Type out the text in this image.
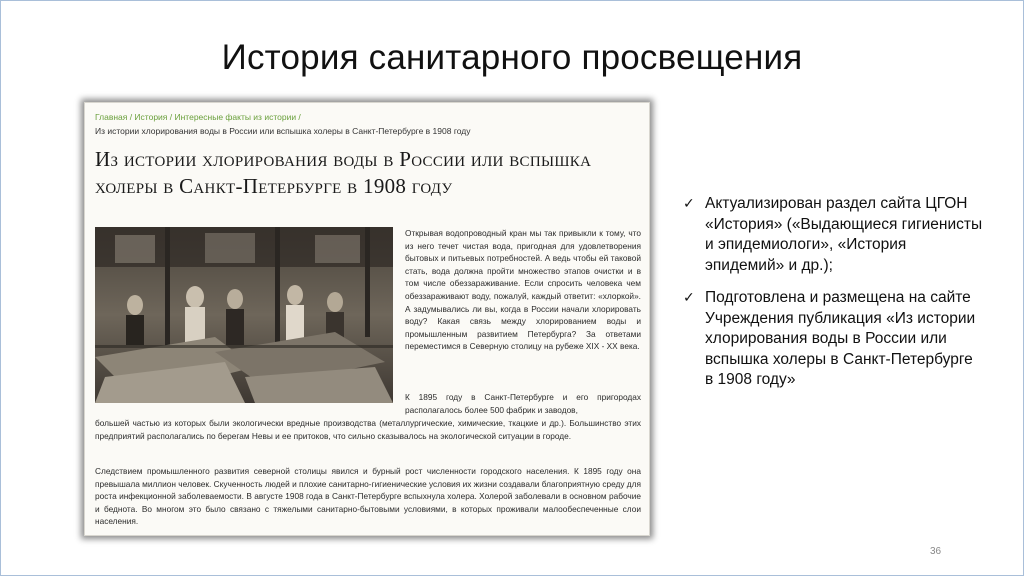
История санитарного просвещения
Главная / История / Интересные факты из истории /
Из истории хлорирования воды в России или вспышка холеры в Санкт-Петербурге в 1908 году
Из истории хлорирования воды в России или вспышка холеры в Санкт-Петербурге в 1908 году
Открывая водопроводный кран мы так привыкли к тому, что из него течет чистая вода, пригодная для удовлетворения бытовых и питьевых потребностей. А ведь чтобы ей таковой стать, вода должна пройти множество этапов очистки и в том числе обеззараживание. Если спросить человека чем обеззараживают воду, пожалуй, каждый ответит: «хлоркой». А задумывались ли вы, когда в России начали хлорировать воду? Какая связь между хлорированием воды и промышленным развитием Петербурга? За ответами переместимся в Северную столицу на рубеже XIX - XX века.
К 1895 году в Санкт-Петербурге и его пригородах располагалось более 500 фабрик и заводов,
большей частью из которых были экологически вредные производства (металлургические, химические, ткацкие и др.). Большинство этих предприятий располагались по берегам Невы и ее притоков, что сильно сказывалось на экологической ситуации в городе.
Следствием промышленного развития северной столицы явился и бурный рост численности городского населения. К 1895 году она превышала миллион человек. Скученность людей и плохие санитарно-гигиенические условия их жизни создавали благоприятную среду для роста инфекционной заболеваемости. В августе 1908 года в Санкт-Петербурге вспыхнула холера. Холерой заболевали в основном рабочие и беднота. Во многом это было связано с тяжелыми санитарно-бытовыми условиями, в которых проживали малообеспеченные слои населения.
✓ Актуализирован раздел сайта ЦГОН «История» («Выдающиеся гигиенисты и эпидемиологи», «История эпидемий» и др.);
✓ Подготовлена и размещена на сайте Учреждения публикация «Из истории хлорирования воды в России или вспышка холеры в Санкт-Петербурге в 1908 году»
36
